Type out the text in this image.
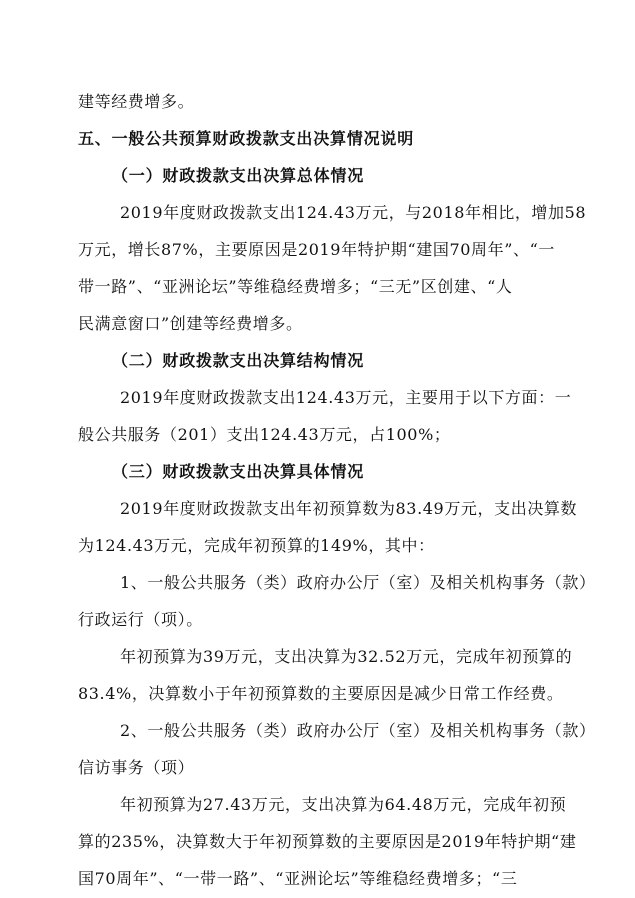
建等经费增多。
五、一般公共预算财政拨款支出决算情况说明
（一）财政拨款支出决算总体情况
2019年度财政拨款支出124.43万元，与2018年相比，增加58
万元，增长87%，主要原因是2019年特护期“建国70周年”、“一
带一路”、“亚洲论坛”等维稳经费增多；“三无”区创建、“人
民满意窗口”创建等经费增多。
（二）财政拨款支出决算结构情况
2019年度财政拨款支出124.43万元，主要用于以下方面：一
般公共服务（201）支出124.43万元，占100%；
（三）财政拨款支出决算具体情况
2019年度财政拨款支出年初预算数为83.49万元，支出决算数
为124.43万元，完成年初预算的149%，其中：
1、一般公共服务（类）政府办公厅（室）及相关机构事务（款）
行政运行（项）。
年初预算为39万元，支出决算为32.52万元，完成年初预算的
83.4%，决算数小于年初预算数的主要原因是减少日常工作经费。
2、一般公共服务（类）政府办公厅（室）及相关机构事务（款）
信访事务（项）
年初预算为27.43万元，支出决算为64.48万元，完成年初预
算的235%，决算数大于年初预算数的主要原因是2019年特护期“建
国70周年”、“一带一路”、“亚洲论坛”等维稳经费增多；“三
